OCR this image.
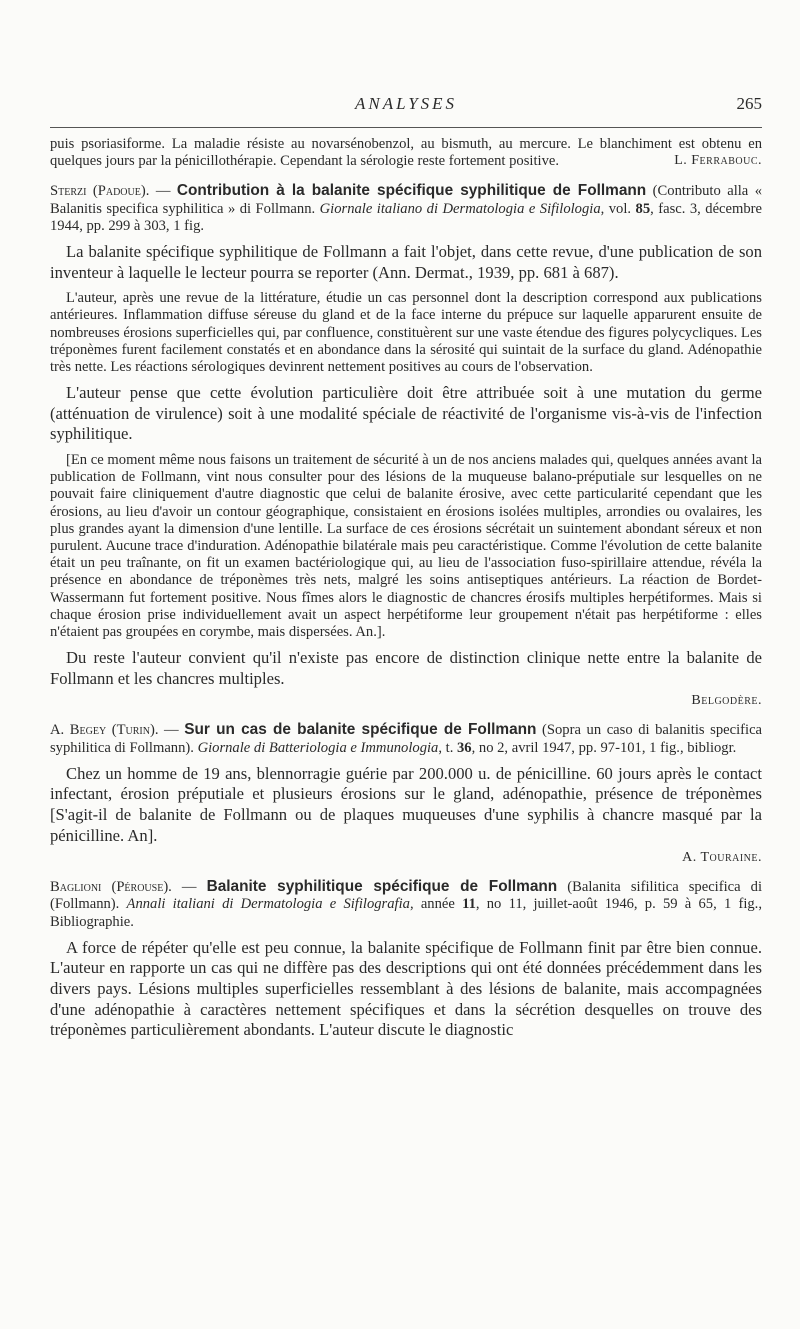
ANALYSES	265

puis psoriasiforme. La maladie résiste au novarsénobenzol, au bismuth, au mercure. Le blanchiment est obtenu en quelques jours par la pénicillothérapie. Cependant la sérologie reste fortement positive.	L. Ferrabouc.

Sterzi (Padoue). — Contribution à la balanite spécifique syphilitique de Follmann (Contributo alla « Balanitis specifica syphilitica » di Follmann. Giornale italiano di Dermatologia e Sifilologia, vol. 85, fasc. 3, décembre 1944, pp. 299 à 303, 1 fig.

La balanite spécifique syphilitique de Follmann a fait l'objet, dans cette revue, d'une publication de son inventeur à laquelle le lecteur pourra se reporter (Ann. Dermat., 1939, pp. 681 à 687).

L'auteur, après une revue de la littérature, étudie un cas personnel dont la description correspond aux publications antérieures. Inflammation diffuse séreuse du gland et de la face interne du prépuce sur laquelle apparurent ensuite de nombreuses érosions superficielles qui, par confluence, constituèrent sur une vaste étendue des figures polycycliques. Les tréponèmes furent facilement constatés et en abondance dans la sérosité qui suintait de la surface du gland. Adénopathie très nette. Les réactions sérologiques devinrent nettement positives au cours de l'observation.

L'auteur pense que cette évolution particulière doit être attribuée soit à une mutation du germe (atténuation de virulence) soit à une modalité spéciale de réactivité de l'organisme vis-à-vis de l'infection syphilitique.

[En ce moment même nous faisons un traitement de sécurité à un de nos anciens malades qui, quelques années avant la publication de Follmann, vint nous consulter pour des lésions de la muqueuse balano-préputiale sur lesquelles on ne pouvait faire cliniquement d'autre diagnostic que celui de balanite érosive, avec cette particularité cependant que les érosions, au lieu d'avoir un contour géographique, consistaient en érosions isolées multiples, arrondies ou ovalaires, les plus grandes ayant la dimension d'une lentille. La surface de ces érosions sécrétait un suintement abondant séreux et non purulent. Aucune trace d'induration. Adénopathie bilatérale mais peu caractéristique. Comme l'évolution de cette balanite était un peu traînante, on fit un examen bactériologique qui, au lieu de l'association fuso-spirillaire attendue, révéla la présence en abondance de tréponèmes très nets, malgré les soins antiseptiques antérieurs. La réaction de Bordet-Wassermann fut fortement positive. Nous fîmes alors le diagnostic de chancres érosifs multiples herpétiformes. Mais si chaque érosion prise individuellement avait un aspect herpétiforme leur groupement n'était pas herpétiforme : elles n'étaient pas groupées en corymbe, mais dispersées. An.].

Du reste l'auteur convient qu'il n'existe pas encore de distinction clinique nette entre la balanite de Follmann et les chancres multiples.

Belgodère.

A. Begey (Turin). — Sur un cas de balanite spécifique de Follmann (Sopra un caso di balanitis specifica syphilitica di Follmann). Giornale di Batteriologia e Immunologia, t. 36, no 2, avril 1947, pp. 97-101, 1 fig., bibliogr.

Chez un homme de 19 ans, blennorragie guérie par 200.000 u. de pénicilline. 60 jours après le contact infectant, érosion préputiale et plusieurs érosions sur le gland, adénopathie, présence de tréponèmes [S'agit-il de balanite de Follmann ou de plaques muqueuses d'une syphilis à chancre masqué par la pénicilline. An].

A. Touraine.

Baglioni (Pérouse). — Balanite syphilitique spécifique de Follmann (Balanita sifilitica specifica di (Follmann). Annali italiani di Dermatologia e Sifilografia, année 11, no 11, juillet-août 1946, p. 59 à 65, 1 fig., Bibliographie.

A force de répéter qu'elle est peu connue, la balanite spécifique de Follmann finit par être bien connue. L'auteur en rapporte un cas qui ne diffère pas des descriptions qui ont été données précédemment dans les divers pays. Lésions multiples superficielles ressemblant à des lésions de balanite, mais accompagnées d'une adénopathie à caractères nettement spécifiques et dans la sécrétion desquelles on trouve des tréponèmes particulièrement abondants. L'auteur discute le diagnostic
